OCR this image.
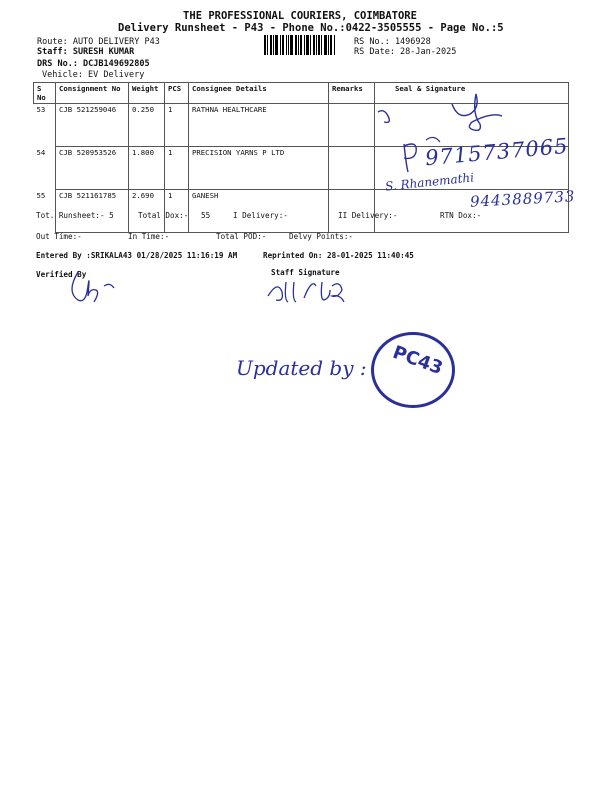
THE PROFESSIONAL COURIERS, COIMBATORE
Delivery Runsheet - P43 - Phone No.:0422-3505555 - Page No.:5
Route: AUTO DELIVERY P43
Staff: SURESH KUMAR
DRS No.: DCJB149692805
Vehicle: EV Delivery
RS No.: 1496928
RS Date: 28-Jan-2025
S No	Consignment No	Weight	PCS	Consignee Details	Remarks	Seal & Signature
53	CJB 521259046	0.250	1	RATHNA HEALTHCARE		
54	CJB 520953526	1.800	1	PRECISION YARNS P LTD		
55	CJB 521161785	2.690	1	GANESH		
9715737065
S. Rhanemathi
9443889733
Tot. Runsheet:- 5	Total Dox:- 55	I Delivery:-	II Delivery:-	RTN Dox:-
Out Time:-	In Time:-	Total POD:-	Delvy Points:-
Entered By :SRIKALA43 01/28/2025 11:16:19 AM	Reprinted On: 28-01-2025 11:40:45
Verified By	Staff Signature
Updated by : PC43
